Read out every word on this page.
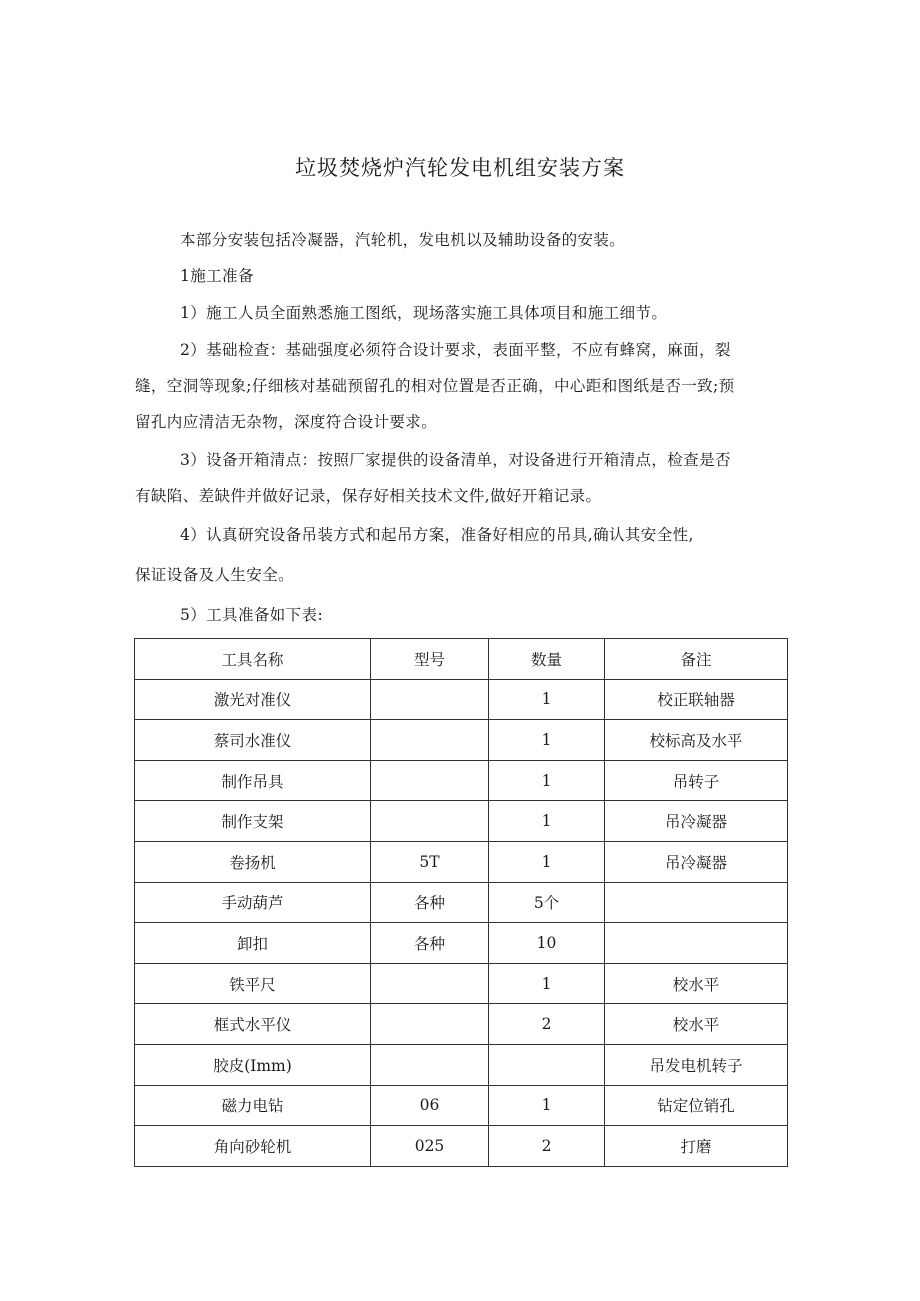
垃圾焚烧炉汽轮发电机组安装方案
本部分安装包括冷凝器，汽轮机，发电机以及辅助设备的安装。
1施工准备
1）施工人员全面熟悉施工图纸，现场落实施工具体项目和施工细节。
2）基础检查：基础强度必须符合设计要求，表面平整，不应有蜂窝，麻面，裂
缝，空洞等现象;仔细核对基础预留孔的相对位置是否正确，中心距和图纸是否一致;预
留孔内应清洁无杂物，深度符合设计要求。
3）设备开箱清点：按照厂家提供的设备清单，对设备进行开箱清点，检查是否
有缺陷、差缺件并做好记录，保存好相关技术文件,做好开箱记录。
4）认真研究设备吊装方式和起吊方案，准备好相应的吊具,确认其安全性,
保证设备及人生安全。
5）工具准备如下表:
工具名称	型号	数量	备注
激光对准仪		1	校正联轴器
蔡司水准仪		1	校标高及水平
制作吊具		1	吊转子
制作支架		1	吊冷凝器
卷扬机	5T	1	吊冷凝器
手动葫芦	各种	5个	
卸扣	各种	10	
铁平尺		1	校水平
框式水平仪		2	校水平
胶皮(Imm)			吊发电机转子
磁力电钻	06	1	钻定位销孔
角向砂轮机	025	2	打磨
